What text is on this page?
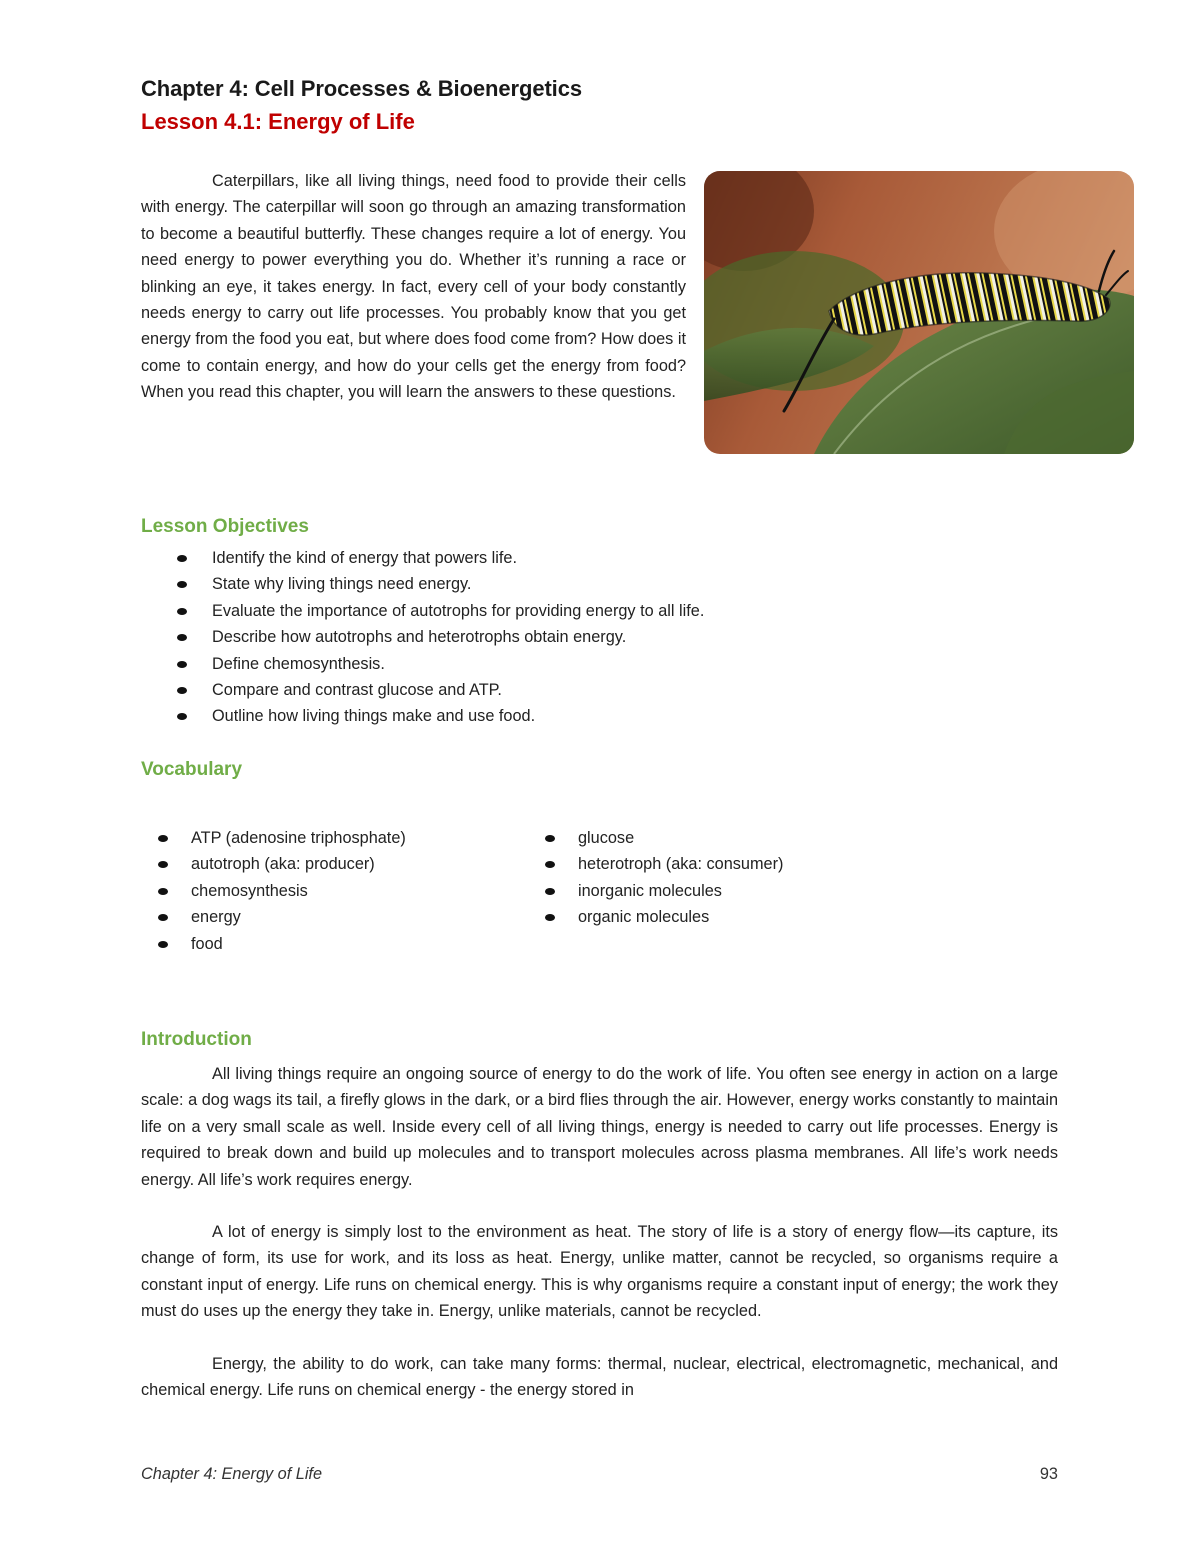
Chapter 4: Cell Processes & Bioenergetics
Lesson 4.1: Energy of Life

Caterpillars, like all living things, need food to provide their cells with energy. The caterpillar will soon go through an amazing transformation to become a beautiful butterfly. These changes require a lot of energy. You need energy to power everything you do. Whether it’s running a race or blinking an eye, it takes energy. In fact, every cell of your body constantly needs energy to carry out life processes. You probably know that you get energy from the food you eat, but where does food come from? How does it come to contain energy, and how do your cells get the energy from food? When you read this chapter, you will learn the answers to these questions.

Lesson Objectives
Identify the kind of energy that powers life.
State why living things need energy.
Evaluate the importance of autotrophs for providing energy to all life.
Describe how autotrophs and heterotrophs obtain energy.
Define chemosynthesis.
Compare and contrast glucose and ATP.
Outline how living things make and use food.
Vocabulary
ATP (adenosine triphosphate)
autotroph (aka: producer)
chemosynthesis
energy
food
glucose
heterotroph (aka: consumer)
inorganic molecules
organic molecules
Introduction

All living things require an ongoing source of energy to do the work of life. You often see energy in action on a large scale: a dog wags its tail, a firefly glows in the dark, or a bird flies through the air. However, energy works constantly to maintain life on a very small scale as well. Inside every cell of all living things, energy is needed to carry out life processes. Energy is required to break down and build up molecules and to transport molecules across plasma membranes. All life’s work needs energy. All life’s work requires energy.

A lot of energy is simply lost to the environment as heat. The story of life is a story of energy flow—its capture, its change of form, its use for work, and its loss as heat. Energy, unlike matter, cannot be recycled, so organisms require a constant input of energy. Life runs on chemical energy. This is why organisms require a constant input of energy; the work they must do uses up the energy they take in. Energy, unlike materials, cannot be recycled.

Energy, the ability to do work, can take many forms: thermal, nuclear, electrical, electromagnetic, mechanical, and chemical energy. Life runs on chemical energy - the energy stored in

Chapter 4: Energy of Life	93
